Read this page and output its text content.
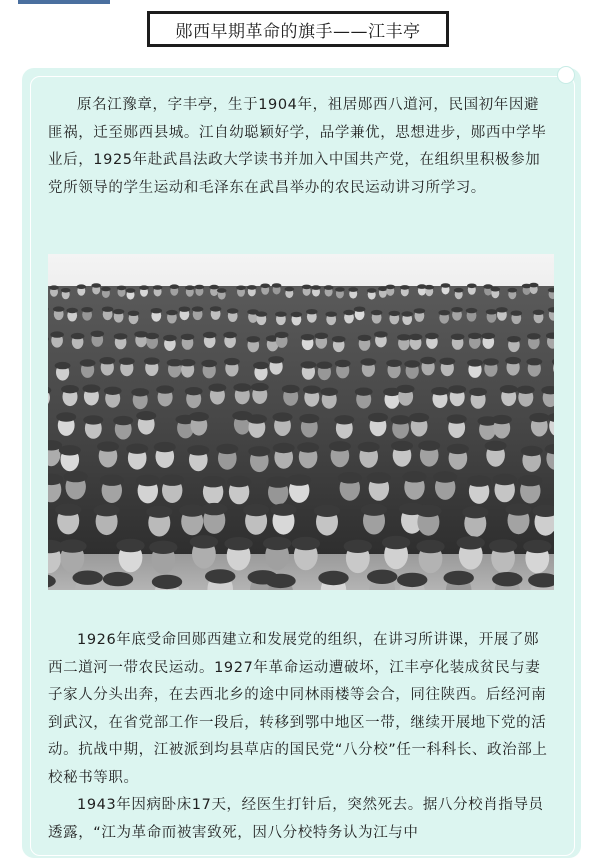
郧西早期革命的旗手——江丰亭

原名江豫章，字丰亭，生于1904年，祖居郧西八道河，民国初年因避匪祸，迁至郧西县城。江自幼聪颖好学，品学兼优，思想进步，郧西中学毕业后，1925年赴武昌法政大学读书并加入中国共产党，在组织里积极参加党所领导的学生运动和毛泽东在武昌举办的农民运动讲习所学习。

1926年底受命回郧西建立和发展党的组织，在讲习所讲课，开展了郧西二道河一带农民运动。1927年革命运动遭破坏，江丰亭化装成贫民与妻子家人分头出奔，在去西北乡的途中同林雨楼等会合，同往陕西。后经河南到武汉，在省党部工作一段后，转移到鄂中地区一带，继续开展地下党的活动。抗战中期，江被派到均县草店的国民党“八分校”任一科科长、政治部上校秘书等职。

1943年因病卧床17天，经医生打针后，突然死去。据八分校肖指导员透露，“江为革命而被害致死，因八分校特务认为江与中
